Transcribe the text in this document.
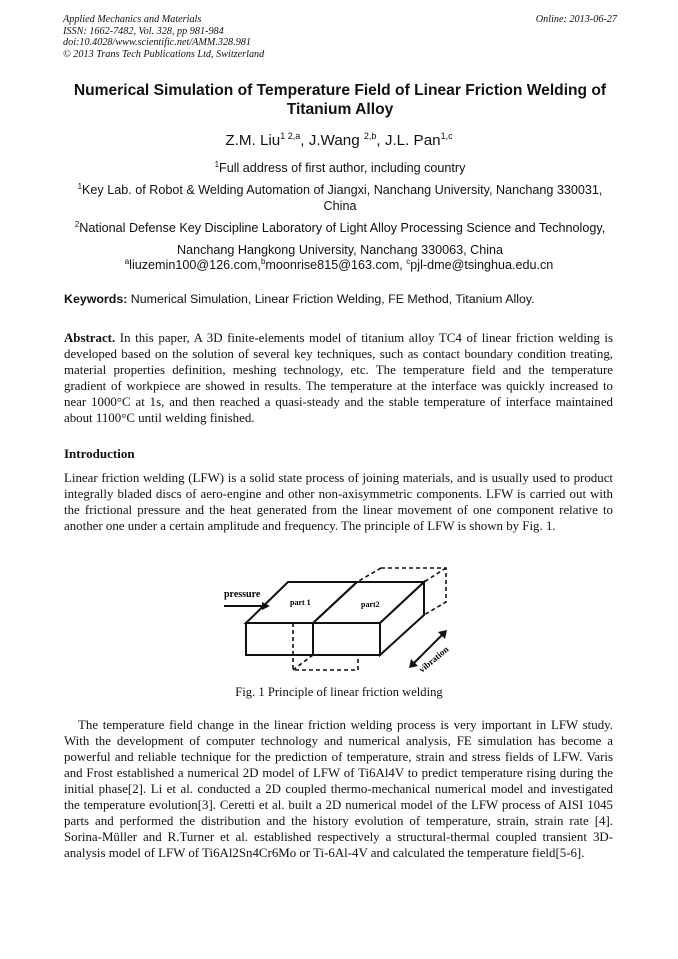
Applied Mechanics and Materials
ISSN: 1662-7482, Vol. 328, pp 981-984
doi:10.4028/www.scientific.net/AMM.328.981
© 2013 Trans Tech Publications Ltd, Switzerland
Online: 2013-06-27
Numerical Simulation of Temperature Field of Linear Friction Welding of Titanium Alloy
Z.M. Liu$^{1 2,a}$, J.Wang $^{2,b}$, J.L. Pan$^{1,c}$
$^1$Full address of first author, including country
$^1$Key Lab. of Robot & Welding Automation of Jiangxi, Nanchang University, Nanchang 330031,
China
$^2$National Defense Key Discipline Laboratory of Light Alloy Processing Science and Technology,
Nanchang Hangkong University, Nanchang 330063, China
$^a$liuzemin100@126.com,$^b$moonrise815@163.com, $^c$pjl-dme@tsinghua.edu.cn
Keywords: Numerical Simulation, Linear Friction Welding, FE Method, Titanium Alloy.
Abstract. In this paper, A 3D finite-elements model of titanium alloy TC4 of linear friction welding is developed based on the solution of several key techniques, such as contact boundary condition treating, material properties definition, meshing technology, etc. The temperature field and the temperature gradient of workpiece are showed in results. The temperature at the interface was quickly increased to near 1000°C at 1s, and then reached a quasi-steady and the stable temperature of interface maintained about 1100°C until welding finished.
Introduction
Linear friction welding (LFW) is a solid state process of joining materials, and is usually used to product integrally bladed discs of aero-engine and other non-axisymmetric components. LFW is carried out with the frictional pressure and the heat generated from the linear movement of one component relative to another one under a certain amplitude and frequency. The principle of LFW is shown by Fig. 1.
pressure
part 1	part2
vibration
Fig. 1 Principle of linear friction welding
The temperature field change in the linear friction welding process is very important in LFW study. With the development of computer technology and numerical analysis, FE simulation has become a powerful and reliable technique for the prediction of temperature, strain and stress fields of LFW. Varis and Frost established a numerical 2D model of LFW of Ti6Al4V to predict temperature rising during the initial phase[2]. Li et al. conducted a 2D coupled thermo-mechanical numerical model and investigated the temperature evolution[3]. Ceretti et al. built a 2D numerical model of the LFW process of AISI 1045 parts and performed the distribution and the history evolution of temperature, strain, strain rate [4]. Sorina-Müller and R.Turner et al. established respectively a structural-thermal coupled transient 3D-analysis model of LFW of Ti6Al2Sn4Cr6Mo or Ti-6Al-4V and calculated the temperature field[5-6].
